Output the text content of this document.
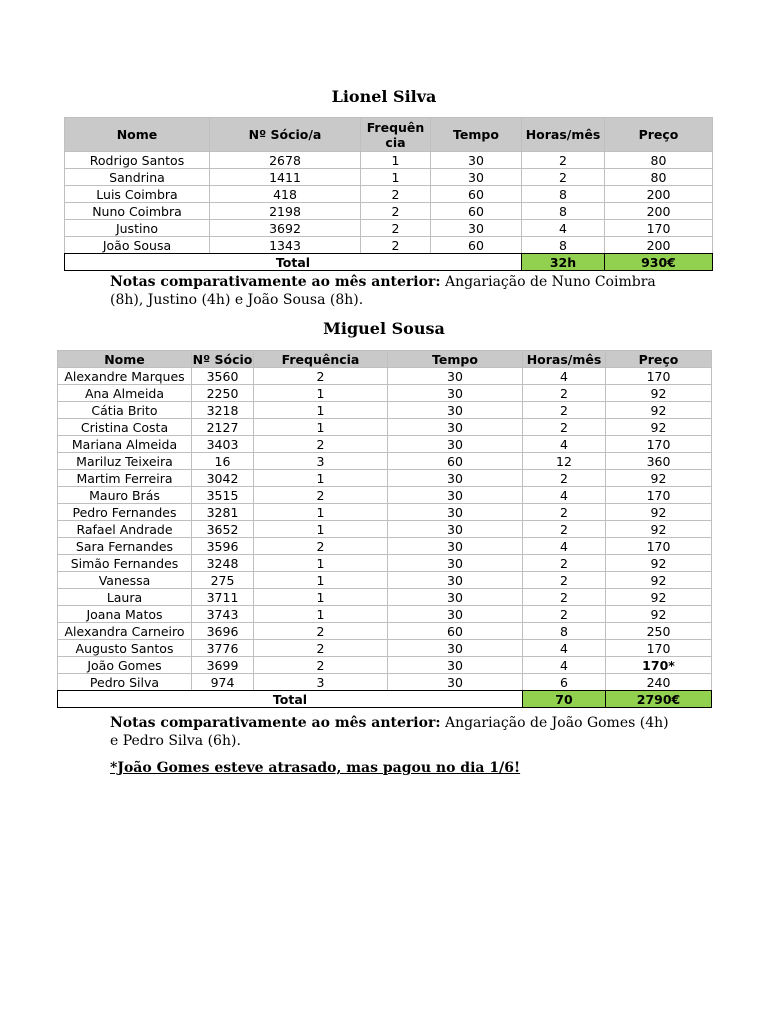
Lionel Silva
Nome	Nº Sócio/a	Frequência	Tempo	Horas/mês	Preço
Rodrigo Santos	2678	1	30	2	80
Sandrina	1411	1	30	2	80
Luis Coimbra	418	2	60	8	200
Nuno Coimbra	2198	2	60	8	200
Justino	3692	2	30	4	170
João Sousa	1343	2	60	8	200
Total				32h	930€
Notas comparativamente ao mês anterior: Angariação de Nuno Coimbra (8h), Justino (4h) e João Sousa (8h).
Miguel Sousa
Nome	Nº Sócio	Frequência	Tempo	Horas/mês	Preço
Alexandre Marques	3560	2	30	4	170
Ana Almeida	2250	1	30	2	92
Cátia Brito	3218	1	30	2	92
Cristina Costa	2127	1	30	2	92
Mariana Almeida	3403	2	30	4	170
Mariluz Teixeira	16	3	60	12	360
Martim Ferreira	3042	1	30	2	92
Mauro Brás	3515	2	30	4	170
Pedro Fernandes	3281	1	30	2	92
Rafael Andrade	3652	1	30	2	92
Sara Fernandes	3596	2	30	4	170
Simão Fernandes	3248	1	30	2	92
Vanessa	275	1	30	2	92
Laura	3711	1	30	2	92
Joana Matos	3743	1	30	2	92
Alexandra Carneiro	3696	2	60	8	250
Augusto Santos	3776	2	30	4	170
João Gomes	3699	2	30	4	170*
Pedro Silva	974	3	30	6	240
Total				70	2790€
Notas comparativamente ao mês anterior: Angariação de João Gomes (4h) e Pedro Silva (6h).
*João Gomes esteve atrasado, mas pagou no dia 1/6!
